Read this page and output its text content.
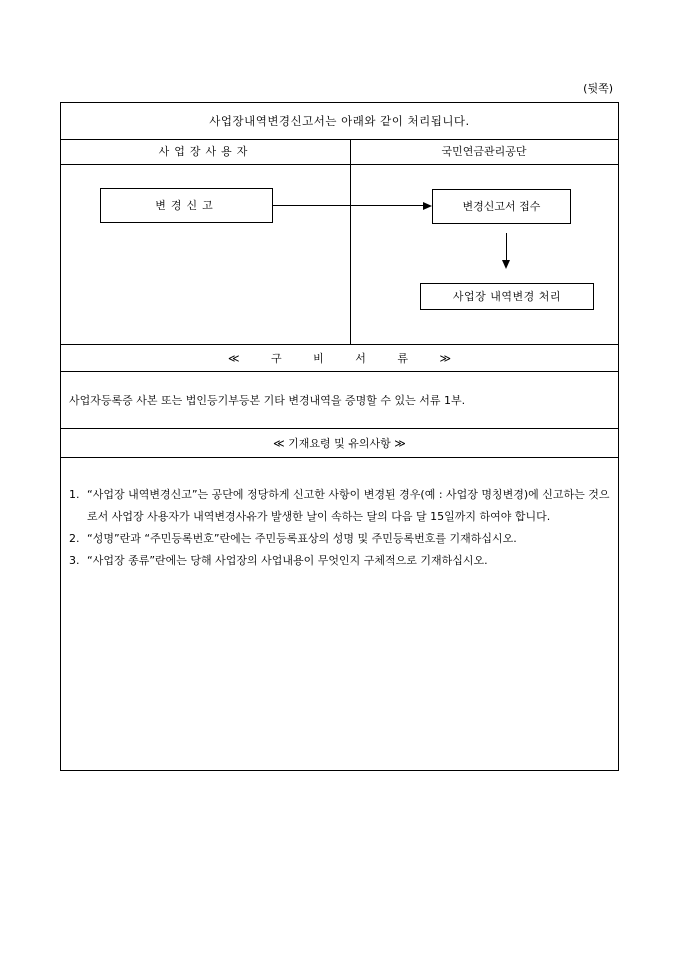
(뒷쪽)
사업장내역변경신고서는 아래와 같이 처리됩니다.
사업장사용자	국민연금관리공단
변경신고	변경신고서 접수
사업장 내역변경 처리
≪	구	비	서	류	≫
사업자등록증 사본 또는 법인등기부등본 기타 변경내역을 증명할 수 있는 서류 1부.
≪ 기재요령 및 유의사항 ≫
1. “사업장 내역변경신고”는 공단에 정당하게 신고한 사항이 변경된 경우(예 : 사업장 명칭변경)에 신고하는 것으로서 사업장 사용자가 내역변경사유가 발생한 날이 속하는 달의 다음 달 15일까지 하여야 합니다.
2. “성명”란과 “주민등록번호”란에는 주민등록표상의 성명 및 주민등록번호를 기재하십시오.
3. “사업장 종류”란에는 당해 사업장의 사업내용이 무엇인지 구체적으로 기재하십시오.
